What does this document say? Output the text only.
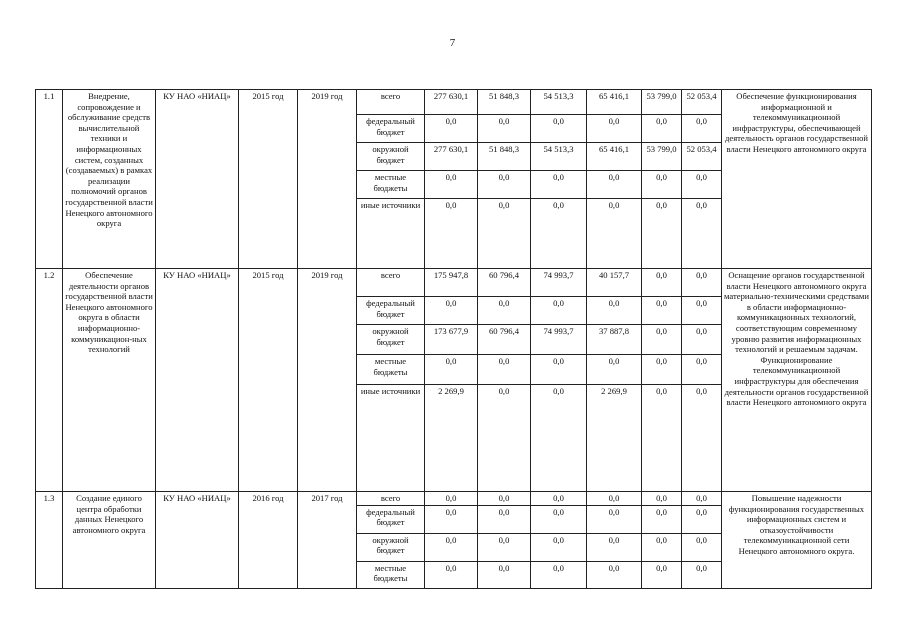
7
1.1	Внедрение, сопровождение и обслуживание средств вычислительной техники и информационных систем, созданных (создаваемых) в рамках реализации полномочий органов государственной власти Ненецкого автономного округа	КУ НАО «НИАЦ»	2015 год	2019 год	всего	277 630,1	51 848,3	54 513,3	65 416,1	53 799,0	52 053,4	Обеспечение функционирования информационной и телекоммуникационной инфраструктуры, обеспечивающей деятельность органов государственной власти Ненецкого автономного округа
					федеральный бюджет	0,0	0,0	0,0	0,0	0,0	0,0	
					окружной бюджет	277 630,1	51 848,3	54 513,3	65 416,1	53 799,0	52 053,4	
					местные бюджеты	0,0	0,0	0,0	0,0	0,0	0,0	
					иные источники	0,0	0,0	0,0	0,0	0,0	0,0	
1.2	Обеспечение деятельности органов государственной власти Ненецкого автономного округа в области информационно-коммуникацион-ных технологий	КУ НАО «НИАЦ»	2015 год	2019 год	всего	175 947,8	60 796,4	74 993,7	40 157,7	0,0	0,0	Оснащение органов государственной власти Ненецкого автономного округа материально-техническими средствами в области информационно-коммуникационных технологий, соответствующим современному уровню развития информационных технологий и решаемым задачам. Функционирование телекоммуникационной инфраструктуры для обеспечения деятельности органов государственной власти Ненецкого автономного округа
					федеральный бюджет	0,0	0,0	0,0	0,0	0,0	0,0	
					окружной бюджет	173 677,9	60 796,4	74 993,7	37 887,8	0,0	0,0	
					местные бюджеты	0,0	0,0	0,0	0,0	0,0	0,0	
					иные источники	2 269,9	0,0	0,0	2 269,9	0,0	0,0	
1.3	Создание единого центра обработки данных Ненецкого автономного округа	КУ НАО «НИАЦ»	2016 год	2017 год	всего	0,0	0,0	0,0	0,0	0,0	0,0	Повышение надежности функционирования государственных информационных систем и отказоустойчивости телекоммуникационной сети Ненецкого автономного округа.
					федеральный бюджет	0,0	0,0	0,0	0,0	0,0	0,0	
					окружной бюджет	0,0	0,0	0,0	0,0	0,0	0,0	
					местные бюджеты	0,0	0,0	0,0	0,0	0,0	0,0	
